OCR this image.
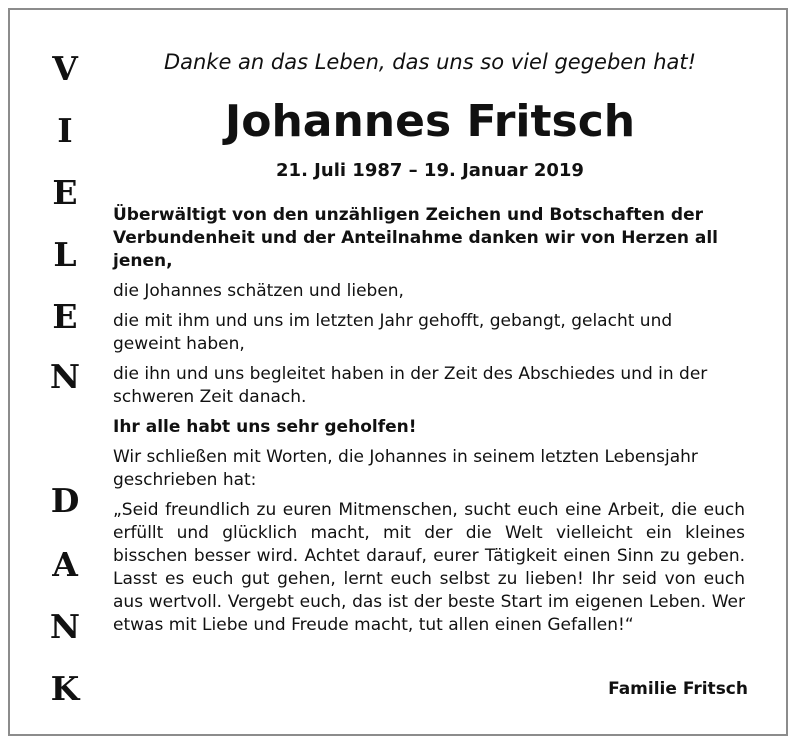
V
I
E
L
E
N
D
A
N
K
Danke an das Leben, das uns so viel gegeben hat!
Johannes Fritsch
21. Juli 1987 – 19. Januar 2019

Überwältigt von den unzähligen Zeichen und Botschaften der Verbundenheit und der Anteilnahme danken wir von Herzen all jenen,

die Johannes schätzen und lieben,

die mit ihm und uns im letzten Jahr gehofft, gebangt, gelacht und geweint haben,

die ihn und uns begleitet haben in der Zeit des Abschiedes und in der schweren Zeit danach.

Ihr alle habt uns sehr geholfen!

Wir schließen mit Worten, die Johannes in seinem letzten Lebensjahr geschrieben hat:

„Seid freundlich zu euren Mitmenschen, sucht euch eine Arbeit, die euch erfüllt und glücklich macht, mit der die Welt vielleicht ein kleines bisschen besser wird. Achtet darauf, eurer Tätigkeit einen Sinn zu geben. Lasst es euch gut gehen, lernt euch selbst zu lieben! Ihr seid von euch aus wertvoll. Vergebt euch, das ist der beste Start im eigenen Leben. Wer etwas mit Liebe und Freude macht, tut allen einen Gefallen!“

Familie Fritsch
